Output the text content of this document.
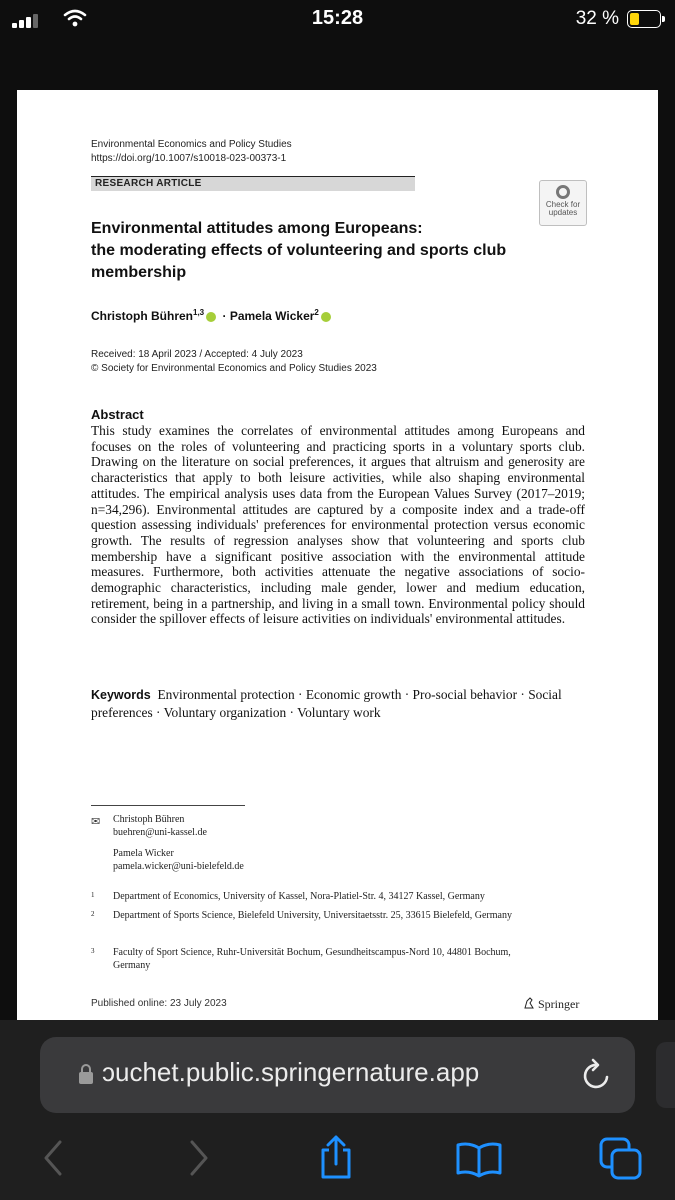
15:28	32 %
Environmental Economics and Policy Studies
https://doi.org/10.1007/s10018-023-00373-1
RESEARCH ARTICLE
Check for
updates
Environmental attitudes among Europeans:
the moderating effects of volunteering and sports club
membership
Christoph Bühren$^{1,3}$ · Pamela Wicker$^2$
Received: 18 April 2023 / Accepted: 4 July 2023
© Society for Environmental Economics and Policy Studies 2023
Abstract
This study examines the correlates of environmental attitudes among Europeans and focuses on the roles of volunteering and practicing sports in a voluntary sports club. Drawing on the literature on social preferences, it argues that altruism and generosity are characteristics that apply to both leisure activities, while also shaping environmental attitudes. The empirical analysis uses data from the European Values Survey (2017–2019; n=34,296). Environmental attitudes are captured by a composite index and a trade-off question assessing individuals' preferences for environmental protection versus economic growth. The results of regression analyses show that volunteering and sports club membership have a significant positive association with the environmental attitude measures. Furthermore, both activities attenuate the negative associations of socio-demographic characteristics, including male gender, lower and medium education, retirement, being in a partnership, and living in a small town. Environmental policy should consider the spillover effects of leisure activities on individuals' environmental attitudes.
Keywords Environmental protection · Economic growth · Pro-social behavior · Social preferences · Voluntary organization · Voluntary work
✉ Christoph Bühren
buehren@uni-kassel.de
Pamela Wicker
pamela.wicker@uni-bielefeld.de
1 Department of Economics, University of Kassel, Nora-Platiel-Str. 4, 34127 Kassel, Germany
2 Department of Sports Science, Bielefeld University, Universitaetsstr. 25, 33615 Bielefeld, Germany
3 Faculty of Sport Science, Ruhr-Universität Bochum, Gesundheitscampus-Nord 10, 44801 Bochum, Germany
Published online: 23 July 2023	Springer
ɔuchet.public.springernature.app
